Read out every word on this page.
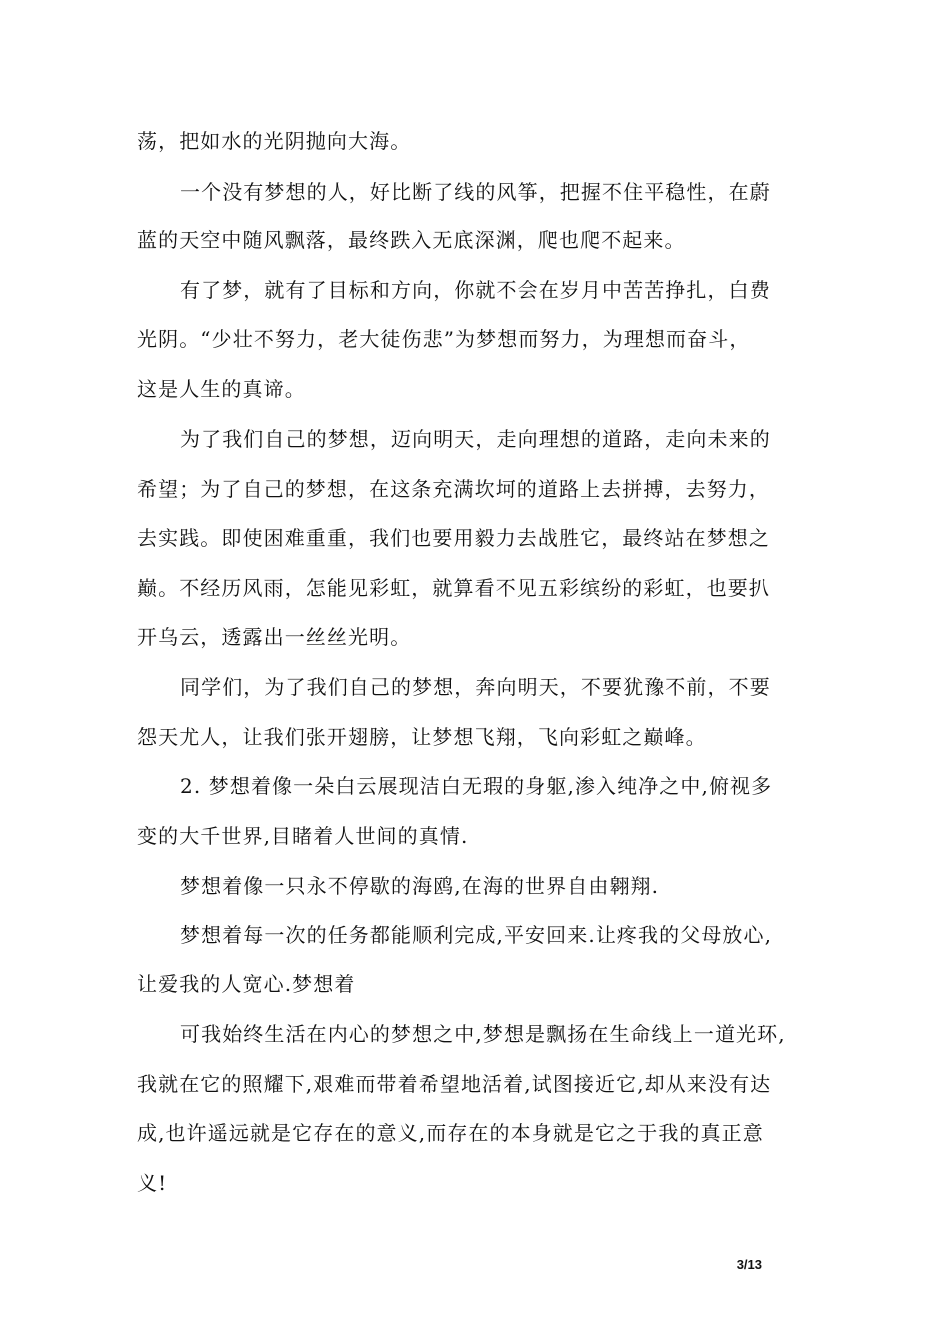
荡，把如水的光阴抛向大海。
一个没有梦想的人，好比断了线的风筝，把握不住平稳性，在蔚
蓝的天空中随风飘落，最终跌入无底深渊，爬也爬不起来。
有了梦，就有了目标和方向，你就不会在岁月中苦苦挣扎，白费
光阴。“少壮不努力，老大徒伤悲”为梦想而努力，为理想而奋斗，
这是人生的真谛。
为了我们自己的梦想，迈向明天，走向理想的道路，走向未来的
希望；为了自己的梦想，在这条充满坎坷的道路上去拼搏，去努力，
去实践。即使困难重重，我们也要用毅力去战胜它，最终站在梦想之
巅。不经历风雨，怎能见彩虹，就算看不见五彩缤纷的彩虹，也要扒
开乌云，透露出一丝丝光明。
同学们，为了我们自己的梦想，奔向明天，不要犹豫不前，不要
怨天尤人，让我们张开翅膀，让梦想飞翔，飞向彩虹之巅峰。
2. 梦想着像一朵白云展现洁白无瑕的身躯,渗入纯净之中,俯视多
变的大千世界,目睹着人世间的真情.
梦想着像一只永不停歇的海鸥,在海的世界自由翱翔.
梦想着每一次的任务都能顺利完成,平安回来.让疼我的父母放心,
让爱我的人宽心.梦想着
可我始终生活在内心的梦想之中,梦想是飘扬在生命线上一道光环,
我就在它的照耀下,艰难而带着希望地活着,试图接近它,却从来没有达
成,也许遥远就是它存在的意义,而存在的本身就是它之于我的真正意
义!
3/13
